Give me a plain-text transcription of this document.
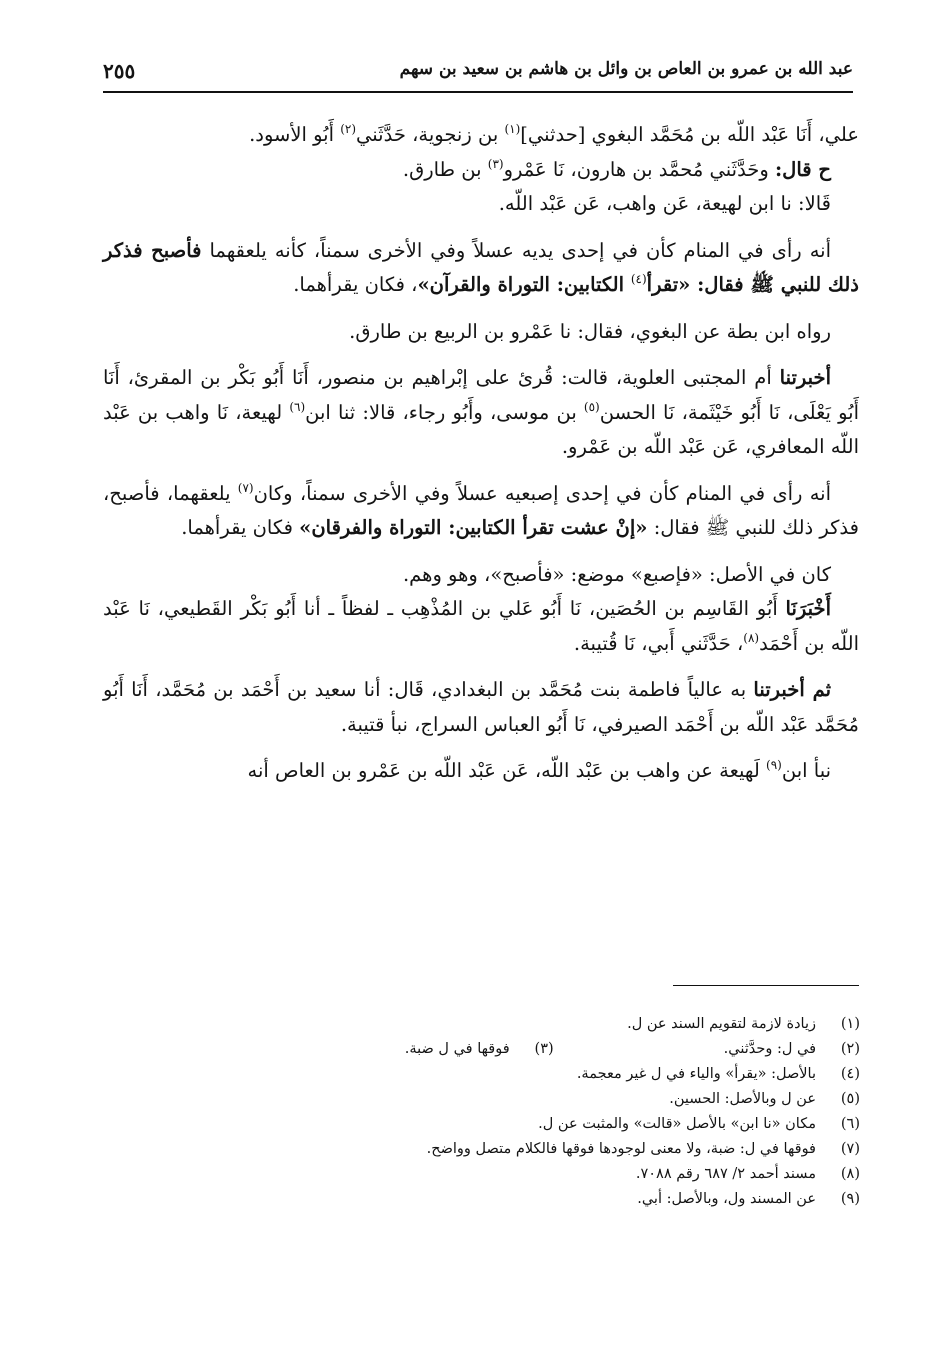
عبد الله بن عمرو بن العاص بن وائل بن هاشم بن سعيد بن سهم
٢٥٥

علي، أَنَا عَبْد اللّه بن مُحَمَّد البغوي [حدثني]$^{(١)}$ بن زنجوية، حَدَّثَني$^{(٢)}$ أَبُو الأسود.

ح قال: وحَدَّثَني مُحمَّد بن هارون، نَا عَمْرو$^{(٣)}$ بن طارق.

قَالا: نا ابن لهيعة، عَن واهب، عَن عَبْد اللّه.

أنه رأى في المنام كأن في إحدى يديه عسلاً وفي الأخرى سمناً، كأنه يلعقهما فأصبح فذكر ذلك للنبي ﷺ فقال: «تقرأ$^{(٤)}$ الكتابين: التوراة والقرآن»، فكان يقرأهما.

رواه ابن بطة عن البغوي، فقال: نا عَمْرو بن الربيع بن طارق.

أخبرتنا أم المجتبى العلوية، قالت: قُرئ على إبْراهيم بن منصور، أَنَا أَبُو بَكْر بن المقرئ، أَنَا أَبُو يَعْلَى، نَا أَبُو خَيْثَمة، نَا الحسن$^{(٥)}$ بن موسى، وأَبُو رجاء، قالا: ثنا ابن$^{(٦)}$ لهيعة، نَا واهب بن عَبْد اللّه المعافري، عَن عَبْد اللّه بن عَمْرو.

أنه رأى في المنام كأن في إحدى إصبعيه عسلاً وفي الأخرى سمناً، وكان$^{(٧)}$ يلعقهما، فأصبح، فذكر ذلك للنبي ﷺ فقال: «إنْ عشت تقرأ الكتابين: التوراة والفرقان» فكان يقرأهما.

كان في الأصل: «فإصبع» موضع: «فأصبح»، وهو وهم.

أَخْبَرَنَا أَبُو القَاسِم بن الحُصَين، نَا أَبُو عَلي بن المُذْهِب ـ لفظاً ـ أنا أَبُو بَكْر القَطيعي، نَا عَبْد اللّه بن أَحْمَد$^{(٨)}$، حَدَّثَني أَبي، نَا قُتيبة.

ثم أخبرتنا به عالياً فاطمة بنت مُحَمَّد بن البغدادي، قَال: أنا سعيد بن أَحْمَد بن مُحَمَّد، أَنَا أَبُو مُحَمَّد عَبْد اللّه بن أَحْمَد الصيرفي، نَا أَبُو العباس السراج، نبأ قتيبة.

نبأ ابن$^{(٩)}$ لَهيعة عن واهب بن عَبْد اللّه، عَن عَبْد اللّه بن عَمْرو بن العاص أنه

(١)
زيادة لازمة لتقويم السند عن ل.
(٢)
في ل: وحدَّثني.
(٣)
فوقها في ل ضبة.
(٤)
بالأصل: «يقرأ» والياء في ل غير معجمة.
(٥)
عن ل وبالأصل: الحسين.
(٦)
مكان «نا ابن» بالأصل «قالت» والمثبت عن ل.
(٧)
فوقها في ل: ضبة، ولا معنى لوجودها فوقها فالكلام متصل وواضح.
(٨)
مسند أحمد ٢/ ٦٨٧ رقم ٧٠٨٨.
(٩)
عن المسند ول، وبالأصل: أبي.
